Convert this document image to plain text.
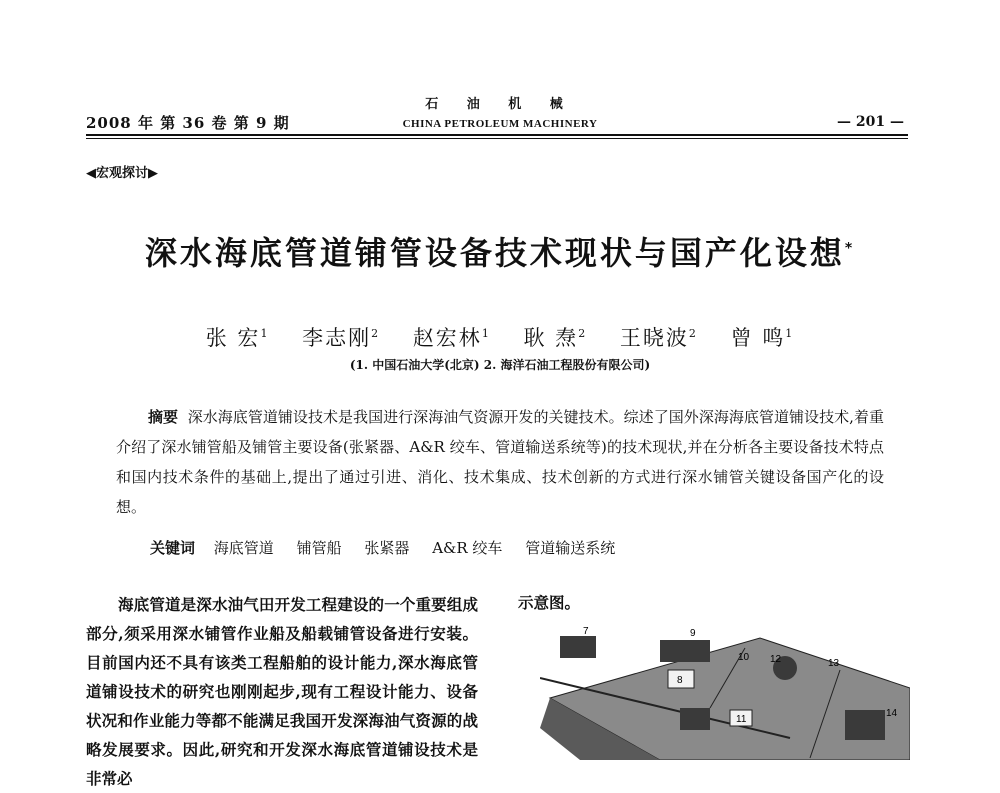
2008 年 第 36 卷 第 9 期
石 油 机 械
CHINA PETROLEUM MACHINERY	— 201 —
◀宏观探讨▶
深水海底管道铺管设备技术现状与国产化设想*
张 宏$^1$ 李志刚$^2$ 赵宏林$^1$ 耿 焘$^2$ 王晓波$^2$ 曾 鸣$^1$
(1. 中国石油大学(北京) 2. 海洋石油工程股份有限公司)
摘要 深水海底管道铺设技术是我国进行深海油气资源开发的关键技术。综述了国外深海海底管道铺设技术,着重介绍了深水铺管船及铺管主要设备(张紧器、A&R 绞车、管道输送系统等)的技术现状,并在分析各主要设备技术特点和国内技术条件的基础上,提出了通过引进、消化、技术集成、技术创新的方式进行深水铺管关键设备国产化的设想。
关键词 海底管道 铺管船 张紧器 A&R 绞车 管道输送系统
海底管道是深水油气田开发工程建设的一个重要组成部分,须采用深水铺管作业船及船载铺管设备进行安装。目前国内还不具有该类工程船舶的设计能力,深水海底管道铺设技术的研究也刚刚起步,现有工程设计能力、设备状况和作业能力等都不能满足我国开发深海油气资源的战略发展要求。因此,研究和开发深水海底管道铺设技术是非常必
示意图。
7
8
9
10
11
12	13
14
